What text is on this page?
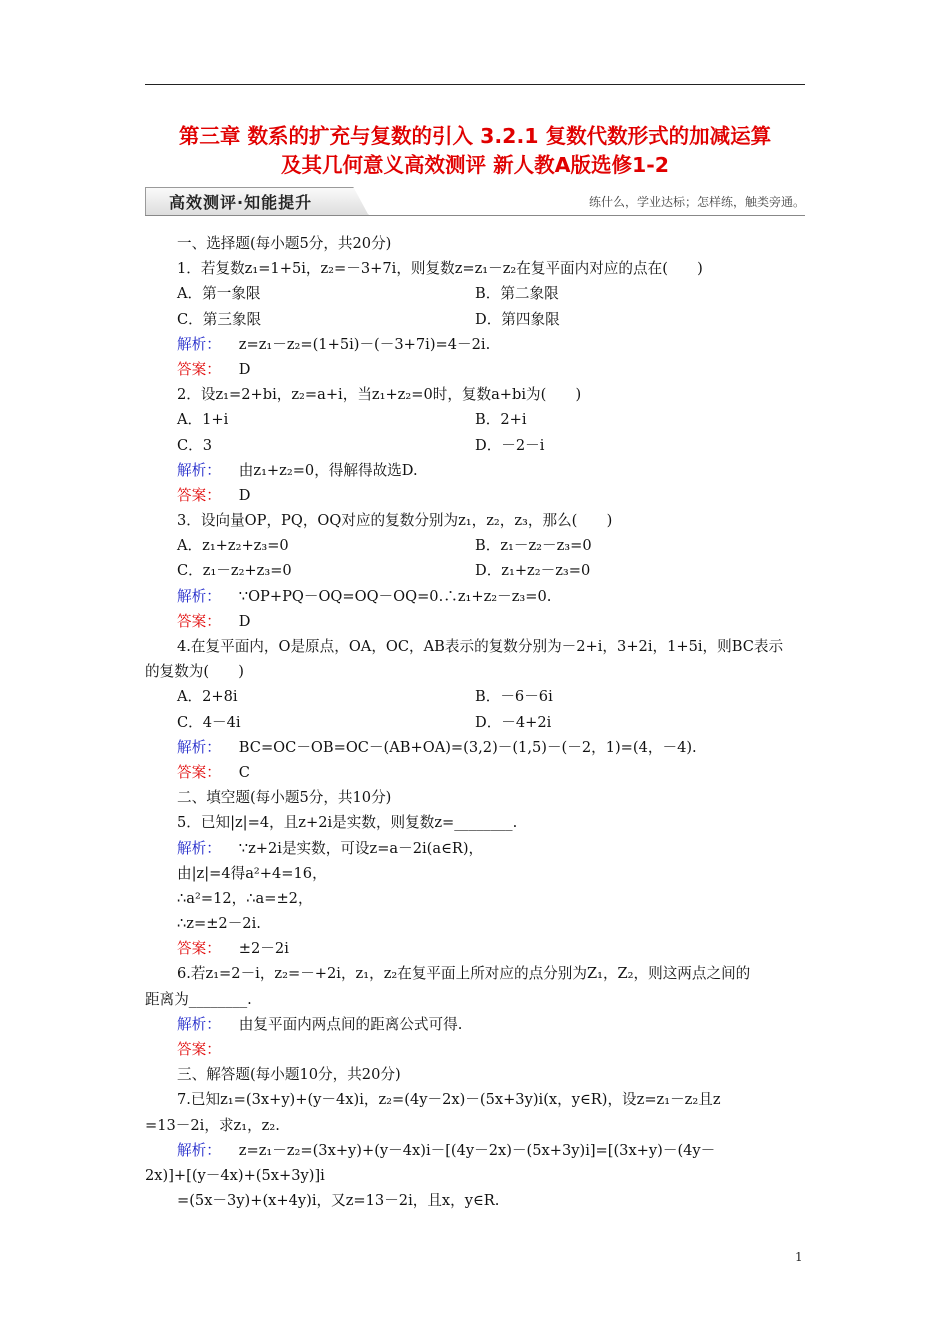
第三章 数系的扩充与复数的引入 3.2.1 复数代数形式的加减运算
及其几何意义高效测评 新人教A版选修1-2
高效测评·知能提升	练什么，学业达标；怎样练，触类旁通。
一、选择题(每小题5分，共20分)
1．若复数z₁=1+5i，z₂=－3+7i，则复数z=z₁－z₂在复平面内对应的点在(　　)
A．第一象限	B．第二象限
C．第三象限	D．第四象限
解析： z=z₁－z₂=(1+5i)－(－3+7i)=4－2i.
答案： D
2．设z₁=2+bi，z₂=a+i，当z₁+z₂=0时，复数a+bi为(　　)
A．1+i	B．2+i
C．3	D．－2－i
解析： 由z₁+z₂=0，得解得故选D.
答案： D
3．设向量OP，PQ，OQ对应的复数分别为z₁，z₂，z₃，那么(　　)
A．z₁+z₂+z₃=0	B．z₁－z₂－z₃=0
C．z₁－z₂+z₃=0	D．z₁+z₂－z₃=0
解析： ∵OP+PQ－OQ=OQ－OQ=0.∴z₁+z₂－z₃=0.
答案： D
4.在复平面内，O是原点，OA，OC，AB表示的复数分别为－2+i，3+2i，1+5i，则BC表示
的复数为(　　)
A．2+8i	B．－6－6i
C．4－4i	D．－4+2i
解析： BC=OC－OB=OC－(AB+OA)=(3,2)－(1,5)－(－2，1)=(4，－4).
答案： C
二、填空题(每小题5分，共10分)
5．已知|z|=4，且z+2i是实数，则复数z=________.
解析： ∵z+2i是实数，可设z=a－2i(a∈R)，
由|z|=4得a²+4=16，
∴a²=12，∴a=±2，
∴z=±2－2i.
答案： ±2－2i
6.若z₁=2－i，z₂=－+2i，z₁，z₂在复平面上所对应的点分别为Z₁，Z₂，则这两点之间的
距离为________.
解析： 由复平面内两点间的距离公式可得.
答案：
三、解答题(每小题10分，共20分)
7.已知z₁=(3x+y)+(y－4x)i，z₂=(4y－2x)－(5x+3y)i(x，y∈R)，设z=z₁－z₂且z
=13－2i，求z₁，z₂.
解析： z=z₁－z₂=(3x+y)+(y－4x)i－[(4y－2x)－(5x+3y)i]=[(3x+y)－(4y－
2x)]+[(y－4x)+(5x+3y)]i
=(5x－3y)+(x+4y)i，又z=13－2i，且x，y∈R.
1
